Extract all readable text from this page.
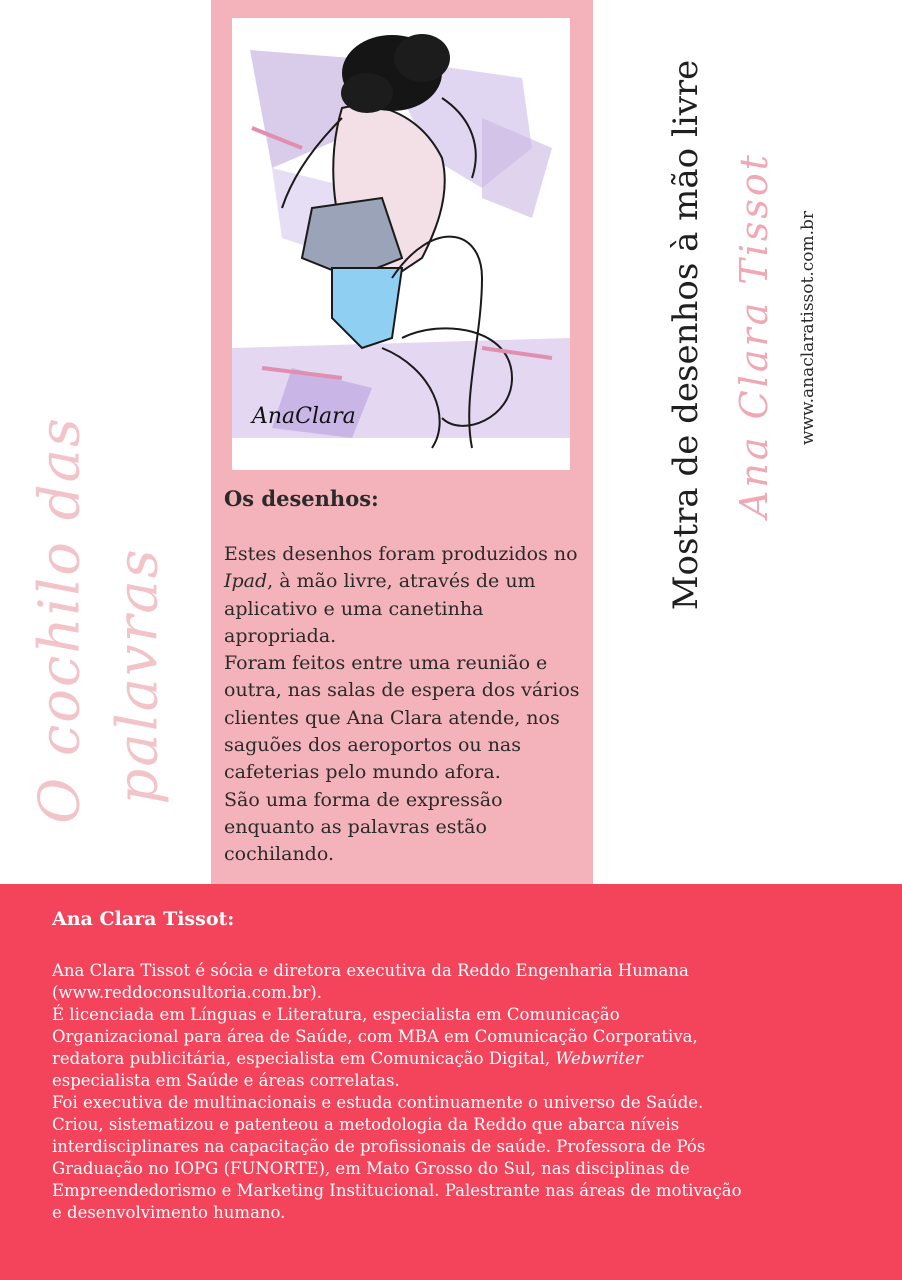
O cochilo das palavras
AnaClara
Os desenhos:

Estes desenhos foram produzidos no Ipad, à mão livre, através de um aplicativo e uma canetinha apropriada.

Foram feitos entre uma reunião e outra, nas salas de espera dos vários clientes que Ana Clara atende, nos saguões dos aeroportos ou nas cafeterias pelo mundo afora.

São uma forma de expressão enquanto as palavras estão cochilando.

Mostra de desenhos à mão livre Ana Clara Tissot www.anaclaratissot.com.br
Ana Clara Tissot:

Ana Clara Tissot é sócia e diretora executiva da Reddo Engenharia Humana (www.reddoconsultoria.com.br).

É licenciada em Línguas e Literatura, especialista em Comunicação Organizacional para área de Saúde, com MBA em Comunicação Corporativa, redatora publicitária, especialista em Comunicação Digital, Webwriter especialista em Saúde e áreas correlatas.

Foi executiva de multinacionais e estuda continuamente o universo de Saúde.

Criou, sistematizou e patenteou a metodologia da Reddo que abarca níveis interdisciplinares na capacitação de profissionais de saúde. Professora de Pós Graduação no IOPG (FUNORTE), em Mato Grosso do Sul, nas disciplinas de Empreendedorismo e Marketing Institucional. Palestrante nas áreas de motivação e desenvolvimento humano.
